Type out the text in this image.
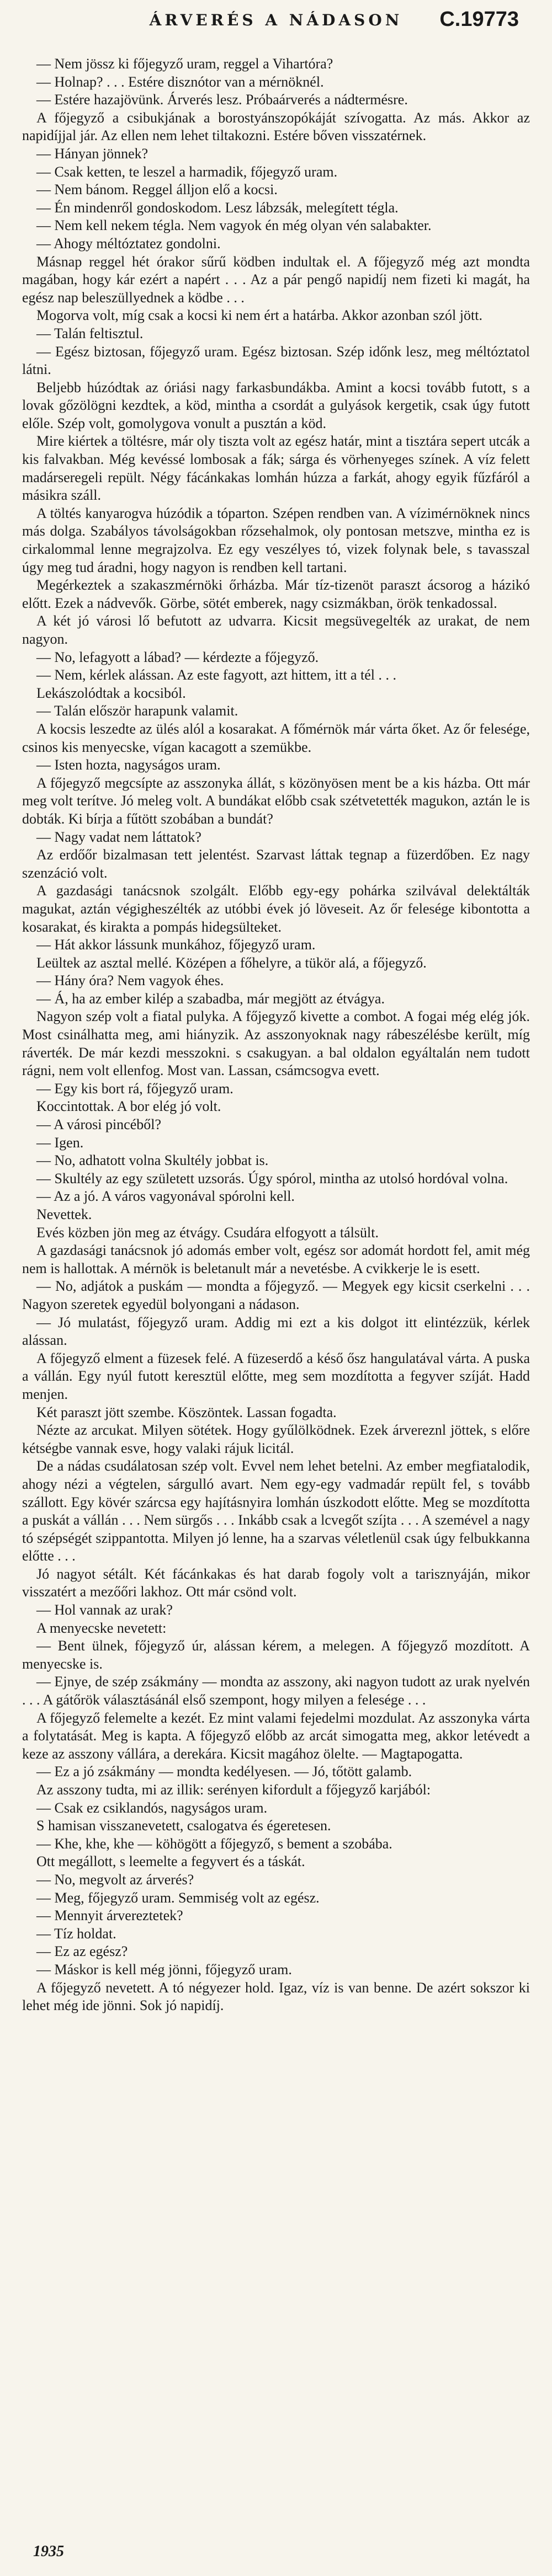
ÁRVERÉS A NÁDASON	C.19773

— Nem jössz ki főjegyző uram, reggel a Vihartóra?

— Holnap? . . . Estére disznótor van a mérnöknél.

— Estére hazajövünk. Árverés lesz. Próbaárverés a nádtermésre.

A főjegyző a csibukjának a borostyánszopókáját szívogatta. Az más. Akkor az napidíjjal jár. Az ellen nem lehet tiltakozni. Estére bőven visszatérnek.

— Hányan jönnek?

— Csak ketten, te leszel a harmadik, főjegyző uram.

— Nem bánom. Reggel álljon elő a kocsi.

— Én mindenről gondoskodom. Lesz lábzsák, melegített tégla.

— Nem kell nekem tégla. Nem vagyok én még olyan vén salabakter.

— Ahogy méltóztatez gondolni.

Másnap reggel hét órakor sűrű ködben indultak el. A főjegyző még azt mondta magában, hogy kár ezért a napért . . . Az a pár pengő napidíj nem fizeti ki magát, ha egész nap beleszüllyednek a ködbe . . .

Mogorva volt, míg csak a kocsi ki nem ért a határba. Akkor azonban szól jött.

— Talán feltisztul.

— Egész biztosan, főjegyző uram. Egész biztosan. Szép időnk lesz, meg méltóztatol látni.

Beljebb húzódtak az óriási nagy farkasbundákba. Amint a kocsi tovább futott, s a lovak gőzölögni kezdtek, a köd, mintha a csordát a gulyások kergetik, csak úgy futott előle. Szép volt, gomolygova vonult a pusztán a köd.

Mire kiértek a töltésre, már oly tiszta volt az egész határ, mint a tisztára sepert utcák a kis falvakban. Még kevéssé lombosak a fák; sárga és vörhenyeges színek. A víz felett madárseregeli repült. Négy fácánkakas lomhán húzza a farkát, ahogy egyik fűzfáról a másikra száll.

A töltés kanyarogva húzódik a tóparton. Szépen rendben van. A vízimérnöknek nincs más dolga. Szabályos távolságokban rőzsehalmok, oly pontosan metszve, mintha ez is cirkalommal lenne megrajzolva. Ez egy veszélyes tó, vizek folynak bele, s tavasszal úgy meg tud áradni, hogy nagyon is rendben kell tartani.

Megérkeztek a szakaszmérnöki őrházba. Már tíz-tizenöt paraszt ácsorog a házikó előtt. Ezek a nádvevők. Görbe, sötét emberek, nagy csizmákban, örök tenkadossal.

A két jó városi lő befutott az udvarra. Kicsit megsüvegelték az urakat, de nem nagyon.

— No, lefagyott a lábad? — kérdezte a főjegyző.

— Nem, kérlek alássan. Az este fagyott, azt hittem, itt a tél . . .

Lekászolódtak a kocsiból.

— Talán először harapunk valamit.

A kocsis leszedte az ülés alól a kosarakat. A főmérnök már várta őket. Az őr felesége, csinos kis menyecske, vígan kacagott a szemükbe.

— Isten hozta, nagyságos uram.

A főjegyző megcsípte az asszonyka állát, s közönyösen ment be a kis házba. Ott már meg volt terítve. Jó meleg volt. A bundákat előbb csak szétvetették magukon, aztán le is dobták. Ki bírja a fűtött szobában a bundát?

— Nagy vadat nem láttatok?

Az erdőőr bizalmasan tett jelentést. Szarvast láttak tegnap a füzerdőben. Ez nagy szenzáció volt.

A gazdasági tanácsnok szolgált. Előbb egy-egy pohárka szilvával delektálták magukat, aztán végigheszélték az utóbbi évek jó löveseit. Az őr felesége kibontotta a kosarakat, és kirakta a pompás hidegsülteket.

— Hát akkor lássunk munkához, főjegyző uram.

Leültek az asztal mellé. Középen a főhelyre, a tükör alá, a főjegyző.

— Hány óra? Nem vagyok éhes.

— Á, ha az ember kilép a szabadba, már megjött az étvágya.

Nagyon szép volt a fiatal pulyka. A főjegyző kivette a combot. A fogai még elég jók. Most csinálhatta meg, ami hiányzik. Az asszonyoknak nagy rábeszélésbe került, míg ráverték. De már kezdi messzokni. s csakugyan. a bal oldalon egyáltalán nem tudott rágni, nem volt ellenfog. Most van. Lassan, csámcsogva evett.

— Egy kis bort rá, főjegyző uram.

Koccintottak. A bor elég jó volt.

— A városi pincéből?

— Igen.

— No, adhatott volna Skultély jobbat is.

— Skultély az egy született uzsorás. Úgy spórol, mintha az utolsó hordóval volna.

— Az a jó. A város vagyonával spórolni kell.

Nevettek.

Evés közben jön meg az étvágy. Csudára elfogyott a tálsült.

A gazdasági tanácsnok jó adomás ember volt, egész sor adomát hordott fel, amit még nem is hallottak. A mérnök is beletanult már a nevetésbe. A cvikkerje le is esett.

— No, adjátok a puskám — mondta a főjegyző. — Megyek egy kicsit cserkelni . . . Nagyon szeretek egyedül bolyongani a nádason.

— Jó mulatást, főjegyző uram. Addig mi ezt a kis dolgot itt elintézzük, kérlek alássan.

A főjegyző elment a füzesek felé. A füzeserdő a késő ősz hangulatával várta. A puska a vállán. Egy nyúl futott keresztül előtte, meg sem mozdította a fegyver szíját. Hadd menjen.

Két paraszt jött szembe. Köszöntek. Lassan fogadta.

Nézte az arcukat. Milyen sötétek. Hogy gyűlölködnek. Ezek árvereznl jöttek, s előre kétségbe vannak esve, hogy valaki rájuk licitál.

De a nádas csudálatosan szép volt. Evvel nem lehet betelni. Az ember megfiatalodik, ahogy nézi a végtelen, sárgulló avart. Nem egy-egy vadmadár repült fel, s tovább szállott. Egy kövér szárcsa egy hajításnyira lomhán úszkodott előtte. Meg se mozdította a puskát a vállán . . . Nem sürgős . . . Inkább csak a lcvegőt szíjta . . . A szemével a nagy tó szépségét szippantotta. Milyen jó lenne, ha a szarvas véletlenül csak úgy felbukkanna előtte . . .

Jó nagyot sétált. Két fácánkakas és hat darab fogoly volt a tarisznyáján, mikor visszatért a mezőőri lakhoz. Ott már csönd volt.

— Hol vannak az urak?

A menyecske nevetett:

— Bent ülnek, főjegyző úr, alássan kérem, a melegen. A főjegyző mozdított. A menyecske is.

— Ejnye, de szép zsákmány — mondta az asszony, aki nagyon tudott az urak nyelvén . . . A gátőrök választásánál első szempont, hogy milyen a felesége . . .

A főjegyző felemelte a kezét. Ez mint valami fejedelmi mozdulat. Az asszonyka várta a folytatását. Meg is kapta. A főjegyző előbb az arcát simogatta meg, akkor letévedt a keze az asszony vállára, a derekára. Kicsit magához ölelte. — Magtapogatta.

— Ez a jó zsákmány — mondta kedélyesen. — Jó, tőtött galamb.

Az asszony tudta, mi az illik: serényen kifordult a főjegyző karjából:

— Csak ez csiklandós, nagyságos uram.

S hamisan visszanevetett, csalogatva és égeretesen.

— Khe, khe, khe — köhögött a főjegyző, s bement a szobába.

Ott megállott, s leemelte a fegyvert és a táskát.

— No, megvolt az árverés?

— Meg, főjegyző uram. Semmiség volt az egész.

— Mennyit árvereztetek?

— Tíz holdat.

— Ez az egész?

— Máskor is kell még jönni, főjegyző uram.

A főjegyző nevetett. A tó négyezer hold. Igaz, víz is van benne. De azért sokszor ki lehet még ide jönni. Sok jó napidíj.

1935
